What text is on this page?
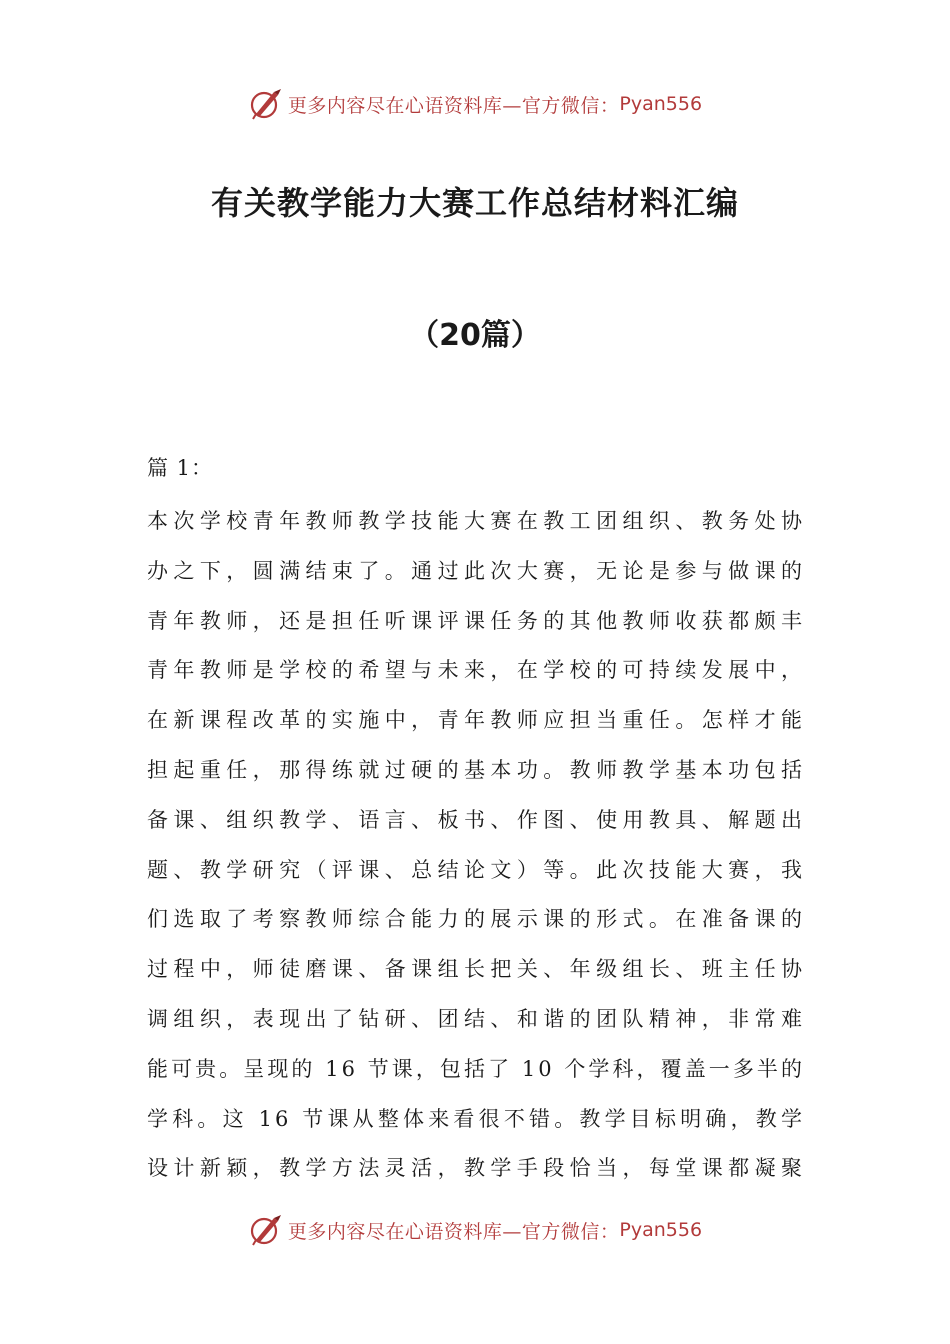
更多内容尽在心语资料库—官方微信： Pyan556
有关教学能力大赛工作总结材料汇编
（20篇）
篇 1：
本次学校青年教师教学技能大赛在教工团组织、教务处协
办之下，圆满结束了。通过此次大赛，无论是参与做课的
青年教师，还是担任听课评课任务的其他教师收获都颇丰
青年教师是学校的希望与未来，在学校的可持续发展中，
在新课程改革的实施中，青年教师应担当重任。怎样才能
担起重任，那得练就过硬的基本功。教师教学基本功包括
备课、组织教学、语言、板书、作图、使用教具、解题出
题、教学研究（评课、总结论文）等。此次技能大赛，我
们选取了考察教师综合能力的展示课的形式。在准备课的
过程中，师徒磨课、备课组长把关、年级组长、班主任协
调组织，表现出了钻研、团结、和谐的团队精神，非常难
能可贵。呈现的 16 节课，包括了 10 个学科，覆盖一多半的
学科。这 16 节课从整体来看很不错。教学目标明确，教学
设计新颖，教学方法灵活，教学手段恰当，每堂课都凝聚
更多内容尽在心语资料库—官方微信： Pyan556
